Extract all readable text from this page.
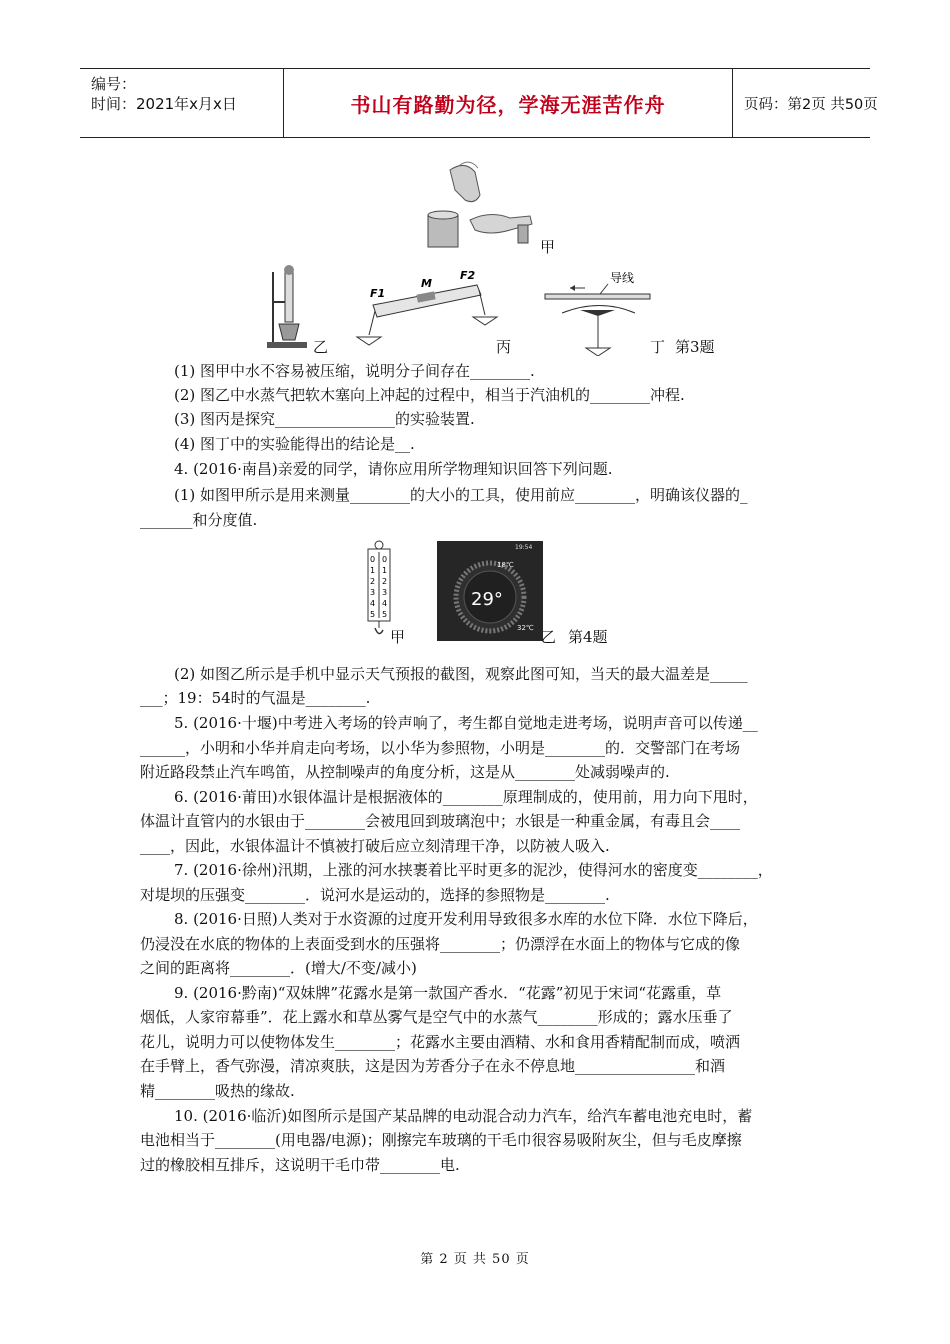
编号：
时间：2021年x月x日	书山有路勤为径，学海无涯苦作舟	页码：第2页 共50页
甲
乙
F2
M
F1
丙
导线
丁 第3题
(1) 图甲中水不容易被压缩，说明分子间存在________.
(2) 图乙中水蒸气把软木塞向上冲起的过程中，相当于汽油机的________冲程.
(3) 图丙是探究________________的实验装置.
(4) 图丁中的实验能得出的结论是__.
4. (2016·南昌)亲爱的同学，请你应用所学物理知识回答下列问题.
(1) 如图甲所示是用来测量________的大小的工具，使用前应________，明确该仪器的_
_______和分度值.
0
1
2
3
4
5
0
1
2
3
4
5
甲
19:54
18℃
29°
32℃ 乙 第4题
(2) 如图乙所示是手机中显示天气预报的截图，观察此图可知，当天的最大温差是_____
___；19：54时的气温是________.
5. (2016·十堰)中考进入考场的铃声响了，考生都自觉地走进考场，说明声音可以传递__
______，小明和小华并肩走向考场，以小华为参照物，小明是________的．交警部门在考场
附近路段禁止汽车鸣笛，从控制噪声的角度分析，这是从________处减弱噪声的.
6. (2016·莆田)水银体温计是根据液体的________原理制成的，使用前，用力向下甩时，
体温计直管内的水银由于________会被甩回到玻璃泡中；水银是一种重金属，有毒且会____
____，因此，水银体温计不慎被打破后应立刻清理干净，以防被人吸入.
7. (2016·徐州)汛期，上涨的河水挟裹着比平时更多的泥沙，使得河水的密度变________，
对堤坝的压强变________．说河水是运动的，选择的参照物是________.
8. (2016·日照)人类对于水资源的过度开发利用导致很多水库的水位下降．水位下降后，
仍浸没在水底的物体的上表面受到水的压强将________；仍漂浮在水面上的物体与它成的像
之间的距离将________．(增大/不变/减小)
9. (2016·黔南)“双妹牌”花露水是第一款国产香水．“花露”初见于宋词“花露重，草
烟低，人家帘幕垂”．花上露水和草丛雾气是空气中的水蒸气________形成的；露水压垂了
花儿，说明力可以使物体发生________；花露水主要由酒精、水和食用香精配制而成，喷洒
在手臂上，香气弥漫，清凉爽肤，这是因为芳香分子在永不停息地________________和酒
精________吸热的缘故.
10. (2016·临沂)如图所示是国产某品牌的电动混合动力汽车，给汽车蓄电池充电时，蓄
电池相当于________(用电器/电源)；刚擦完车玻璃的干毛巾很容易吸附灰尘，但与毛皮摩擦
过的橡胶相互排斥，这说明干毛巾带________电.
第 2 页 共 50 页
